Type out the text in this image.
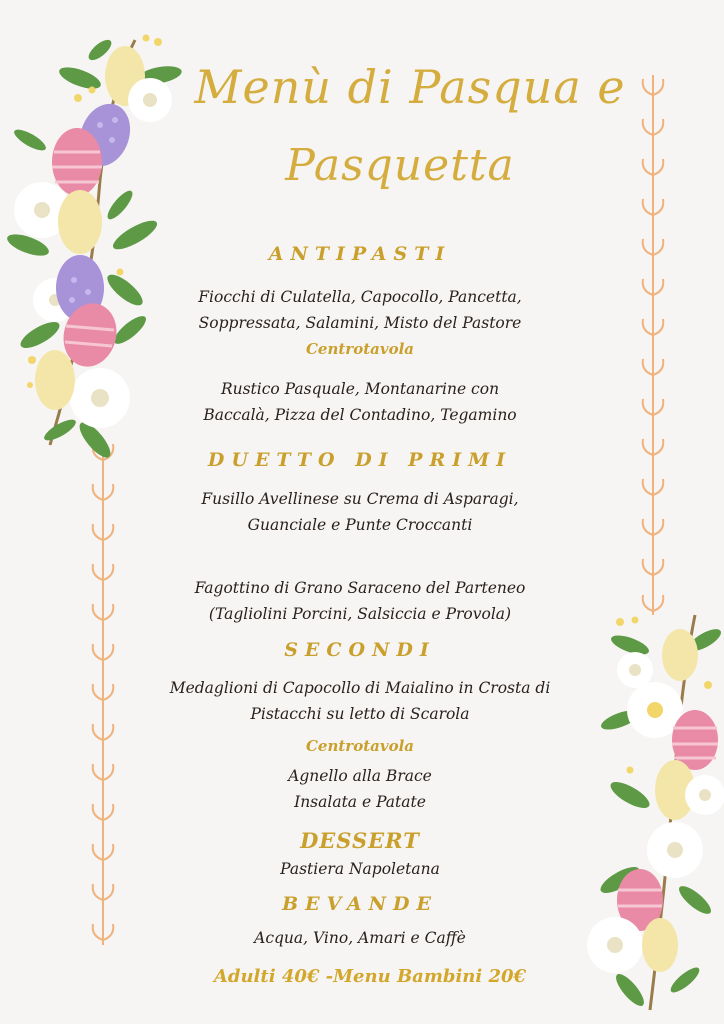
Menù di Pasqua e
Pasquetta
ANTIPASTI
Fiocchi di Culatella, Capocollo, Pancetta,
Soppressata, Salamini, Misto del Pastore
Centrotavola
Rustico Pasquale, Montanarine con
Baccalà, Pizza del Contadino, Tegamino
DUETTO DI PRIMI
Fusillo Avellinese su Crema di Asparagi,
Guanciale e Punte Croccanti
Fagottino di Grano Saraceno del Parteneo
(Tagliolini Porcini, Salsiccia e Provola)
SECONDI
Medaglioni di Capocollo di Maialino in Crosta di
Pistacchi su letto di Scarola
Centrotavola
Agnello alla Brace
Insalata e Patate
DESSERT
Pastiera Napoletana
BEVANDE
Acqua, Vino, Amari e Caffè
Adulti 40€ -Menu Bambini 20€
